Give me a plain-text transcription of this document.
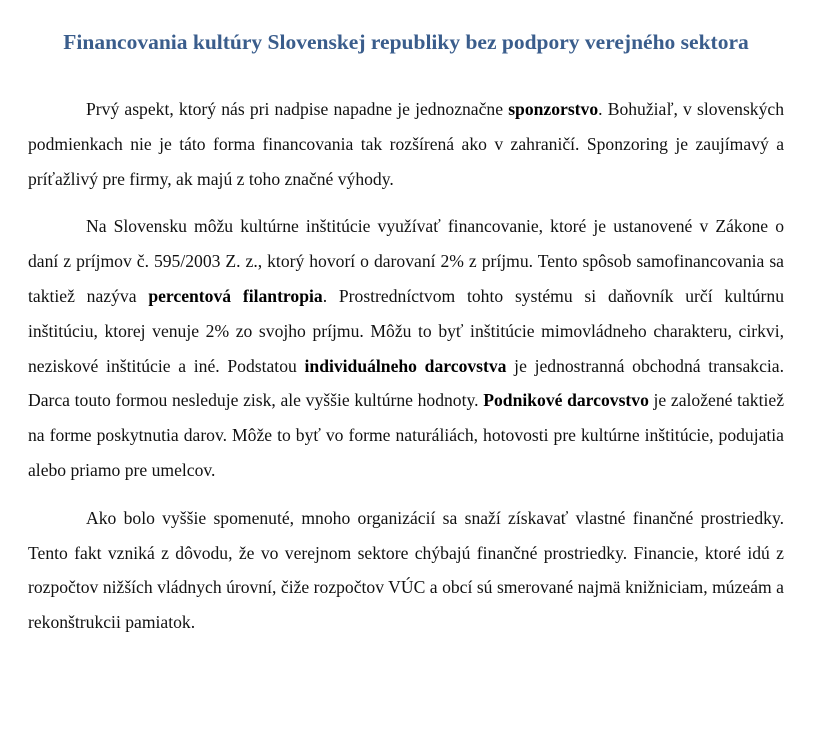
Financovania kultúry Slovenskej republiky bez podpory verejného sektora

Prvý aspekt, ktorý nás pri nadpise napadne je jednoznačne sponzorstvo. Bohužiaľ, v slovenských podmienkach nie je táto forma financovania tak rozšírená ako v zahraničí. Sponzoring je zaujímavý a príťažlivý pre firmy, ak majú z toho značné výhody.

Na Slovensku môžu kultúrne inštitúcie využívať financovanie, ktoré je ustanovené v Zákone o daní z príjmov č. 595/2003 Z. z., ktorý hovorí o darovaní 2% z príjmu. Tento spôsob samofinancovania sa taktiež nazýva percentová filantropia. Prostredníctvom tohto systému si daňovník určí kultúrnu inštitúciu, ktorej venuje 2% zo svojho príjmu. Môžu to byť inštitúcie mimovládneho charakteru, cirkvi, neziskové inštitúcie a iné. Podstatou individuálneho darcovstva je jednostranná obchodná transakcia. Darca touto formou nesleduje zisk, ale vyššie kultúrne hodnoty. Podnikové darcovstvo je založené taktiež na forme poskytnutia darov. Môže to byť vo forme naturáliách, hotovosti pre kultúrne inštitúcie, podujatia alebo priamo pre umelcov.

Ako bolo vyššie spomenuté, mnoho organizácií sa snaží získavať vlastné finančné prostriedky. Tento fakt vzniká z dôvodu, že vo verejnom sektore chýbajú finančné prostriedky. Financie, ktoré idú z rozpočtov nižších vládnych úrovní, čiže rozpočtov VÚC a obcí sú smerované najmä knižniciam, múzeám a rekonštrukcii pamiatok.
